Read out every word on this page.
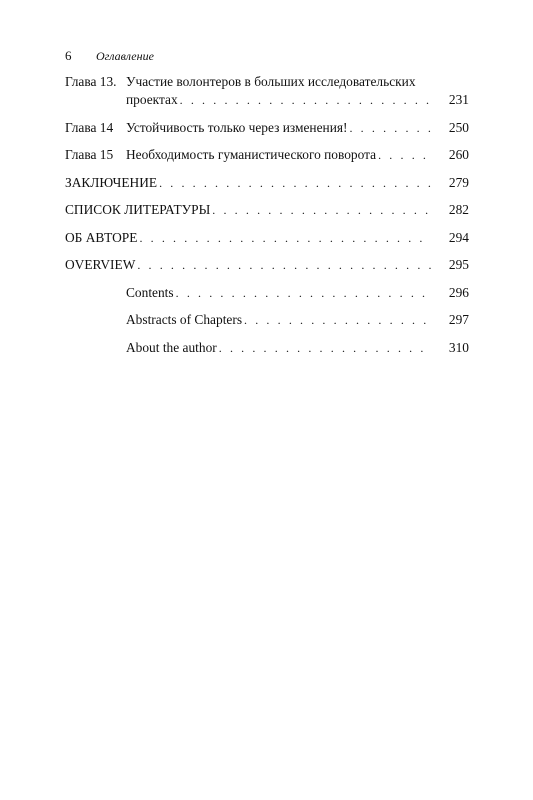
6 Оглавление
Глава 13. Участие волонтеров в больших исследовательских
проектах . . .	231
Глава 14 Устойчивость только через изменения! . . .	250
Глава 15 Необходимость гуманистического поворота . . .	260
ЗАКЛЮЧЕНИЕ . . .	279
СПИСОК ЛИТЕРАТУРЫ . . .	282
ОБ АВТОРЕ . . .	294
OVERVIEW . . .	295
Contents . . .	296
Abstracts of Chapters . . .	297
About the author . . .	310
